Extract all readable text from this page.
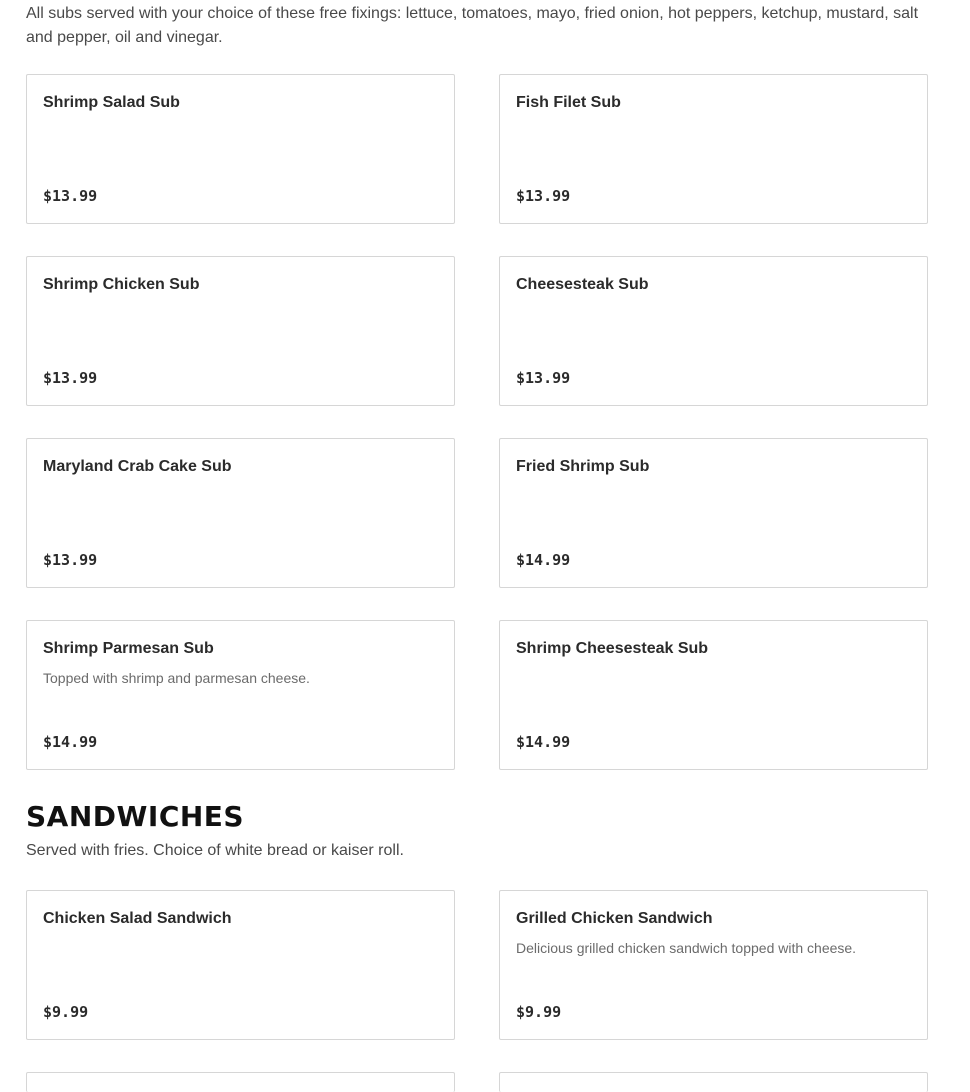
All subs served with your choice of these free fixings: lettuce, tomatoes, mayo, fried onion, hot peppers, ketchup, mustard, salt and pepper, oil and vinegar.

Shrimp Salad Sub
$13.99
Fish Filet Sub
$13.99
Shrimp Chicken Sub
$13.99
Cheesesteak Sub
$13.99
Maryland Crab Cake Sub
$13.99
Fried Shrimp Sub
$14.99
Shrimp Parmesan Sub
Topped with shrimp and parmesan cheese.
$14.99
Shrimp Cheesesteak Sub
$14.99
SANDWICHES

Served with fries. Choice of white bread or kaiser roll.

Chicken Salad Sandwich
$9.99
Grilled Chicken Sandwich
Delicious grilled chicken sandwich topped with cheese.
$9.99
